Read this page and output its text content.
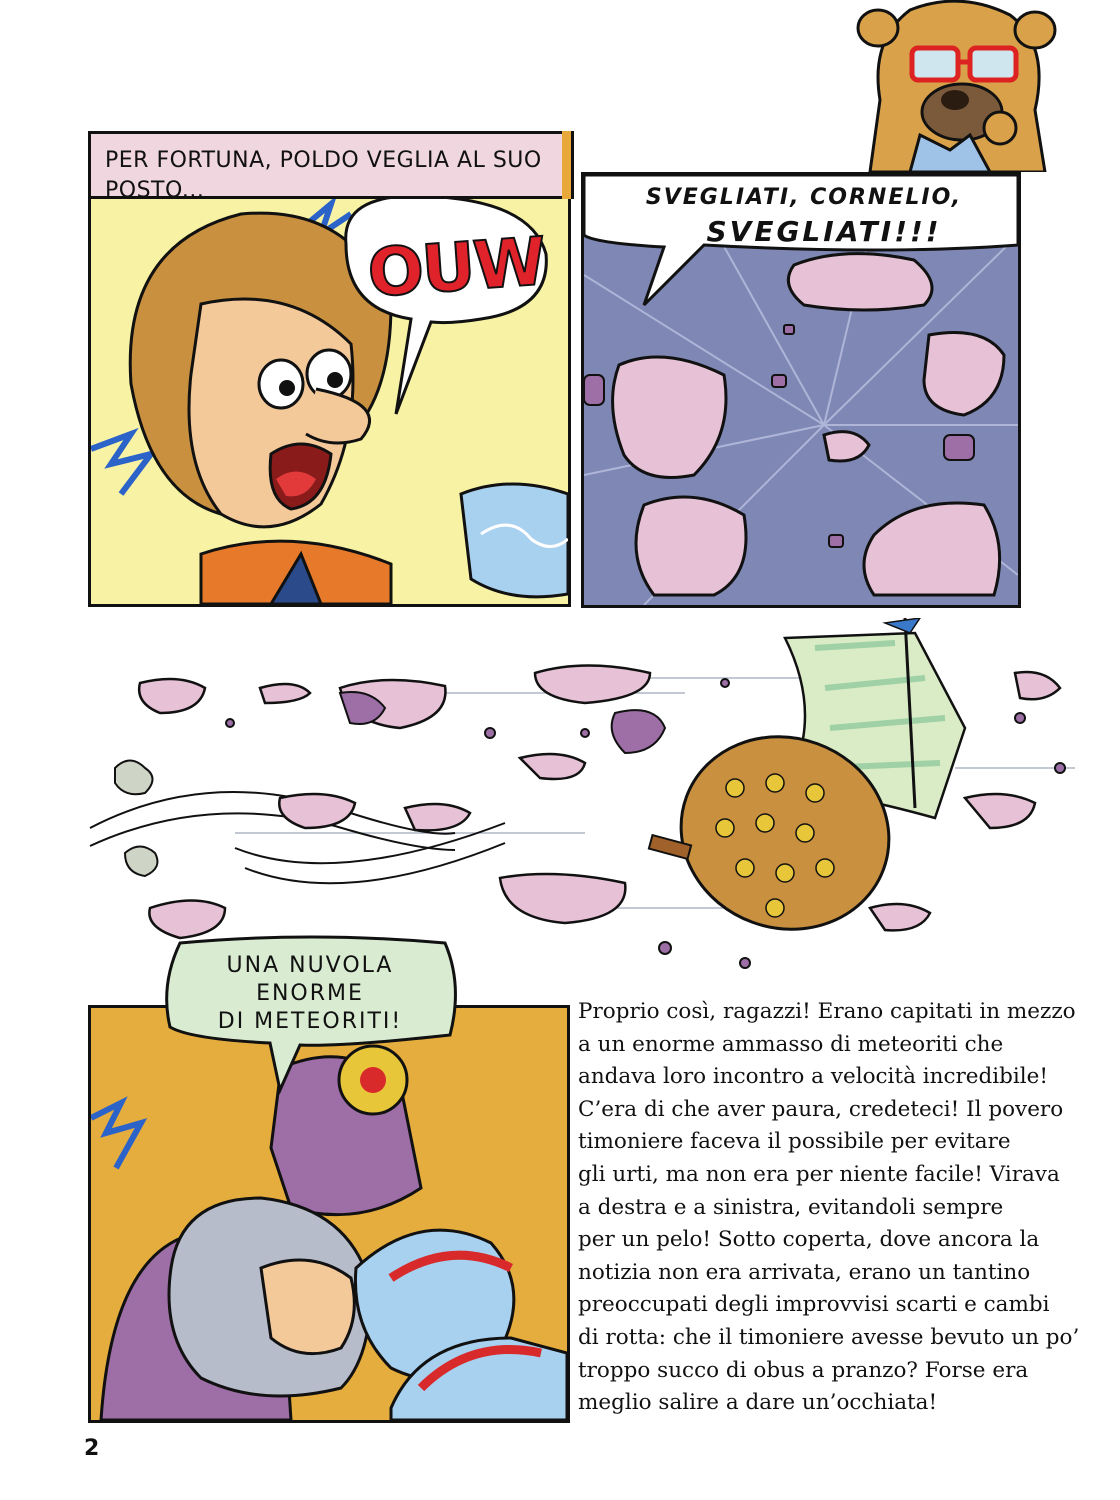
OUW
PER FORTUNA, POLDO VEGLIA AL SUO POSTO...	SVEGLIATI, CORNELIO,
SVEGLIATI!!!
UNA NUVOLA
ENORME
DI METEORITI!	Proprio così, ragazzi! Erano capitati in mezzo
a un enorme ammasso di meteoriti che
andava loro incontro a velocità incredibile!
C’era di che aver paura, credeteci! Il povero
timoniere faceva il possibile per evitare
gli urti, ma non era per niente facile! Virava
a destra e a sinistra, evitandoli sempre
per un pelo! Sotto coperta, dove ancora la
notizia non era arrivata, erano un tantino
preoccupati degli improvvisi scarti e cambi
di rotta: che il timoniere avesse bevuto un po’
troppo succo di obus a pranzo? Forse era
meglio salire a dare un’occhiata!
2
